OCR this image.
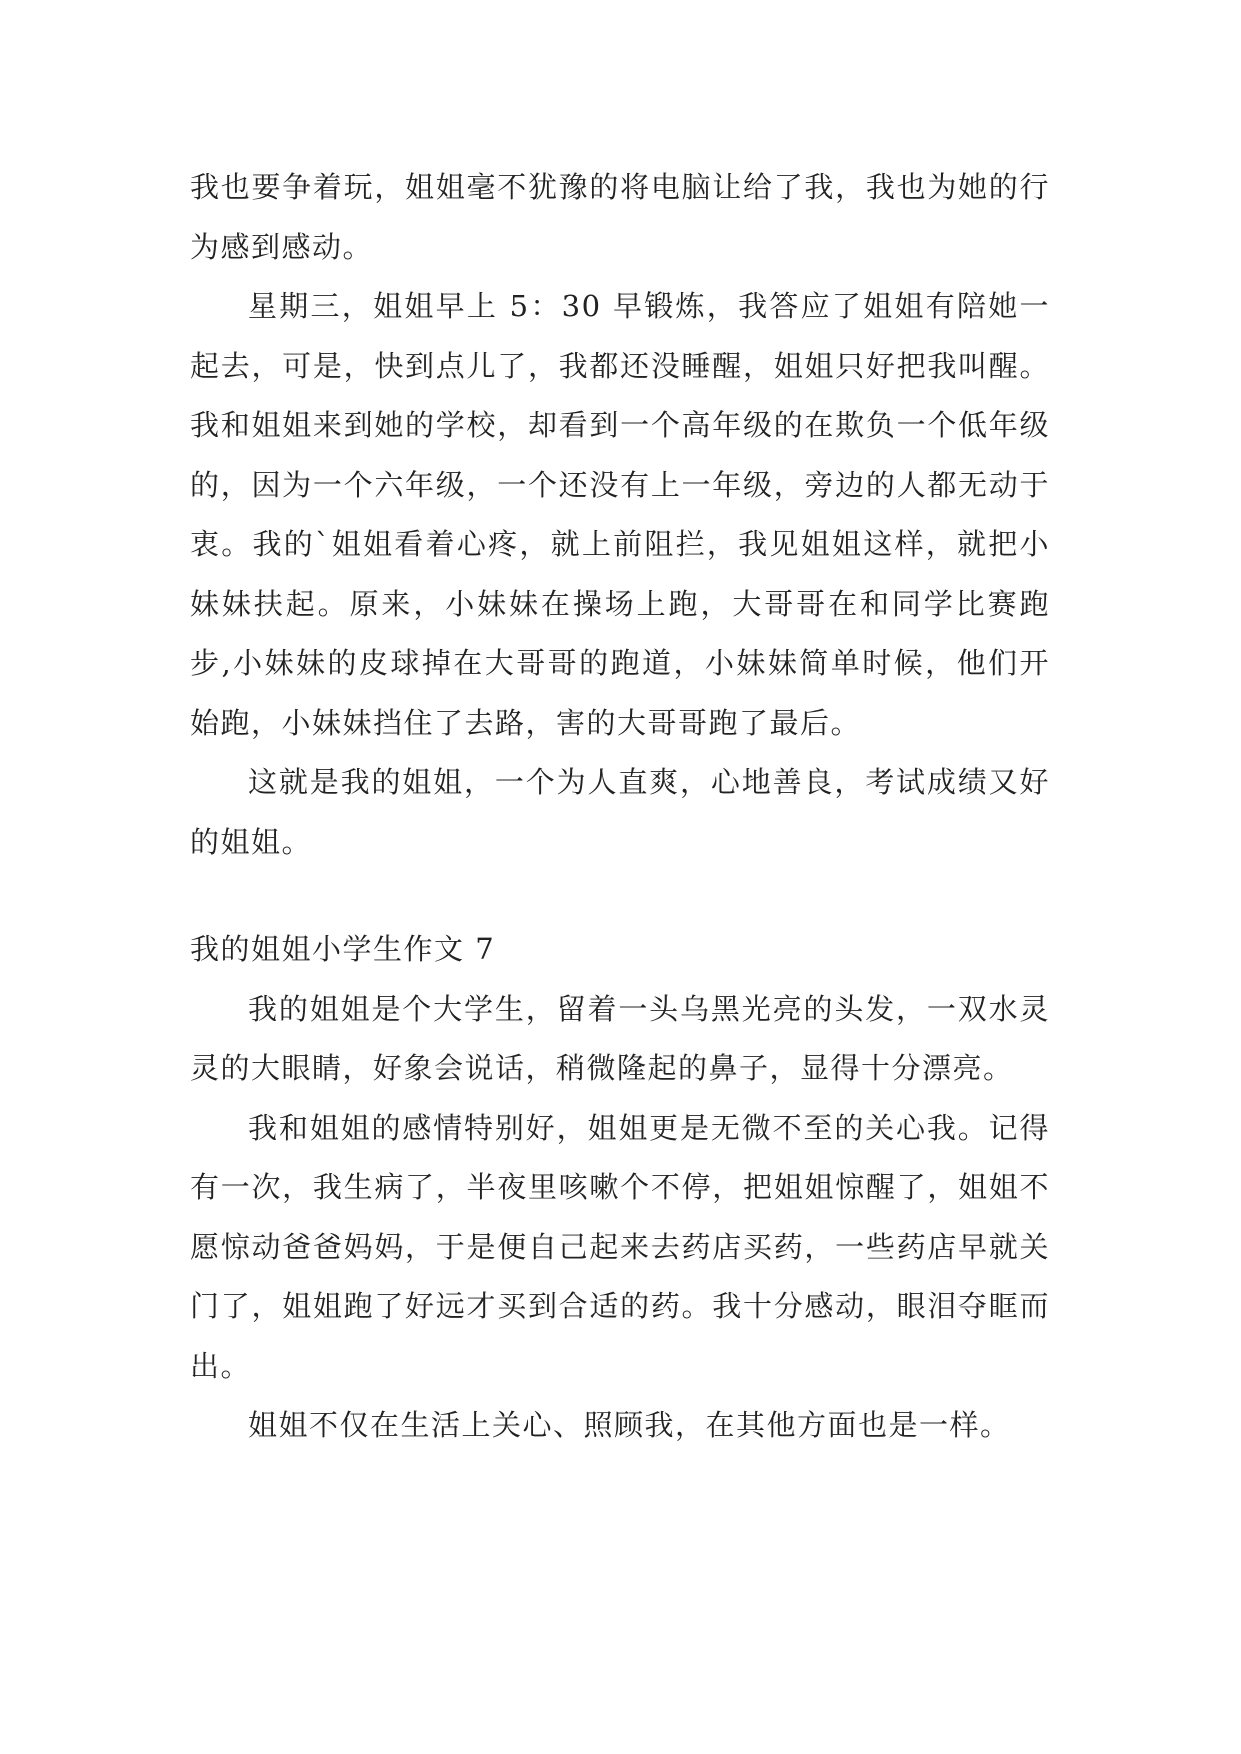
我也要争着玩，姐姐毫不犹豫的将电脑让给了我，我也为她的行为感到感动。

星期三，姐姐早上 5：30 早锻炼，我答应了姐姐有陪她一起去，可是，快到点儿了，我都还没睡醒，姐姐只好把我叫醒。我和姐姐来到她的学校，却看到一个高年级的在欺负一个低年级的，因为一个六年级，一个还没有上一年级，旁边的人都无动于衷。我的`姐姐看着心疼，就上前阻拦，我见姐姐这样，就把小妹妹扶起。原来，小妹妹在操场上跑，大哥哥在和同学比赛跑步,小妹妹的皮球掉在大哥哥的跑道，小妹妹简单时候，他们开始跑，小妹妹挡住了去路，害的大哥哥跑了最后。

这就是我的姐姐，一个为人直爽，心地善良，考试成绩又好的姐姐。

我的姐姐小学生作文 7

我的姐姐是个大学生，留着一头乌黑光亮的头发，一双水灵灵的大眼睛，好象会说话，稍微隆起的鼻子，显得十分漂亮。

我和姐姐的感情特别好，姐姐更是无微不至的关心我。记得有一次，我生病了，半夜里咳嗽个不停，把姐姐惊醒了，姐姐不愿惊动爸爸妈妈，于是便自己起来去药店买药，一些药店早就关门了，姐姐跑了好远才买到合适的药。我十分感动，眼泪夺眶而出。

姐姐不仅在生活上关心、照顾我，在其他方面也是一样。
